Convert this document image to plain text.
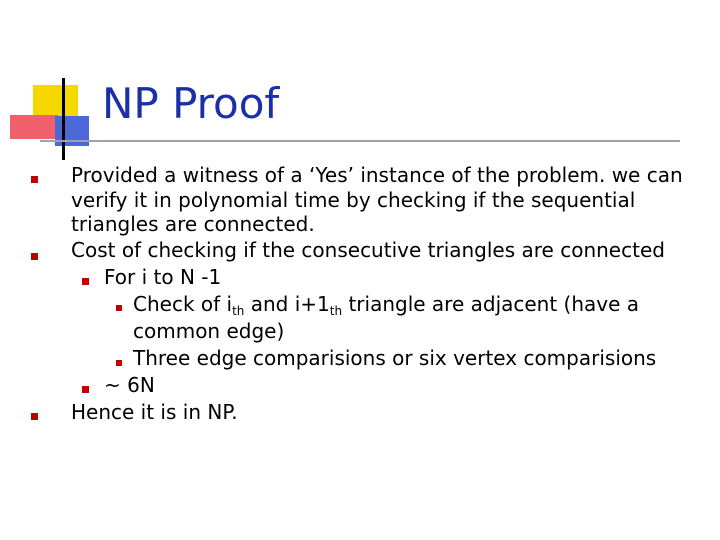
NP Proof
Provided a witness of a ‘Yes’ instance of the problem. we can
verify it in polynomial time by checking if the sequential
triangles are connected.
Cost of checking if the consecutive triangles are connected
For i to N -1
Check of $i_{th}$ and $i+1_{th}$ triangle are adjacent (have a
common edge)
Three edge comparisions or six vertex comparisions
~ 6N
Hence it is in NP.
